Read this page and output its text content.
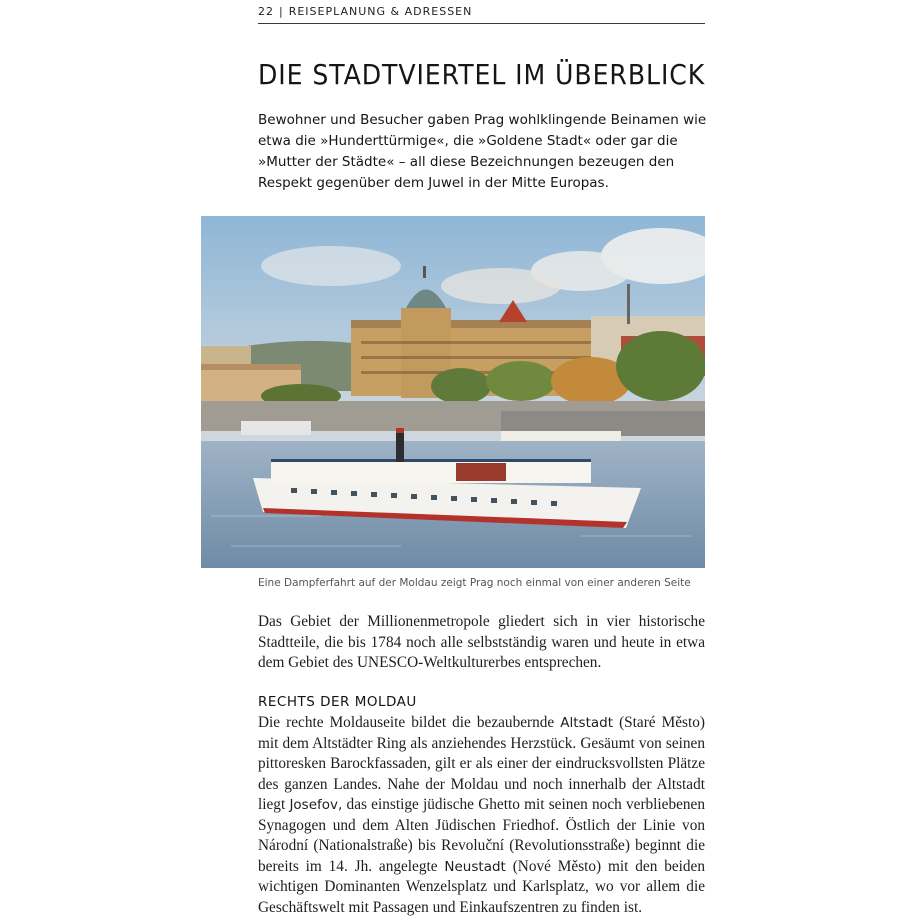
22 | REISEPLANUNG & ADRESSEN
DIE STADTVIERTEL IM ÜBERBLICK

Bewohner und Besucher gaben Prag wohlklingende Beinamen wie etwa die »Hunderttürmige«, die »Goldene Stadt« oder gar die »Mutter der Städte« – all diese Bezeichnungen bezeugen den Respekt gegenüber dem Juwel in der Mitte Europas.

Eine Dampferfahrt auf der Moldau zeigt Prag noch einmal von einer anderen Seite

Das Gebiet der Millionenmetropole gliedert sich in vier historische Stadtteile, die bis 1784 noch alle selbstständig waren und heute in etwa dem Gebiet des UNESCO-Weltkulturerbes entsprechen.

RECHTS DER MOLDAU

Die rechte Moldauseite bildet die bezaubernde Altstadt (Staré Město) mit dem Altstädter Ring als anziehendes Herzstück. Gesäumt von seinen pittoresken Barockfassaden, gilt er als einer der eindrucksvollsten Plätze des ganzen Landes. Nahe der Moldau und noch innerhalb der Altstadt liegt Josefov, das einstige jüdische Ghetto mit seinen noch verbliebenen Synagogen und dem Alten Jüdischen Friedhof. Östlich der Linie von Národní (Nationalstraße) bis Revoluční (Revolutionsstraße) beginnt die bereits im 14. Jh. angelegte Neustadt (Nové Město) mit den beiden wichtigen Dominanten Wenzelsplatz und Karlsplatz, wo vor allem die Geschäftswelt mit Passagen und Einkaufszentren zu finden ist.
